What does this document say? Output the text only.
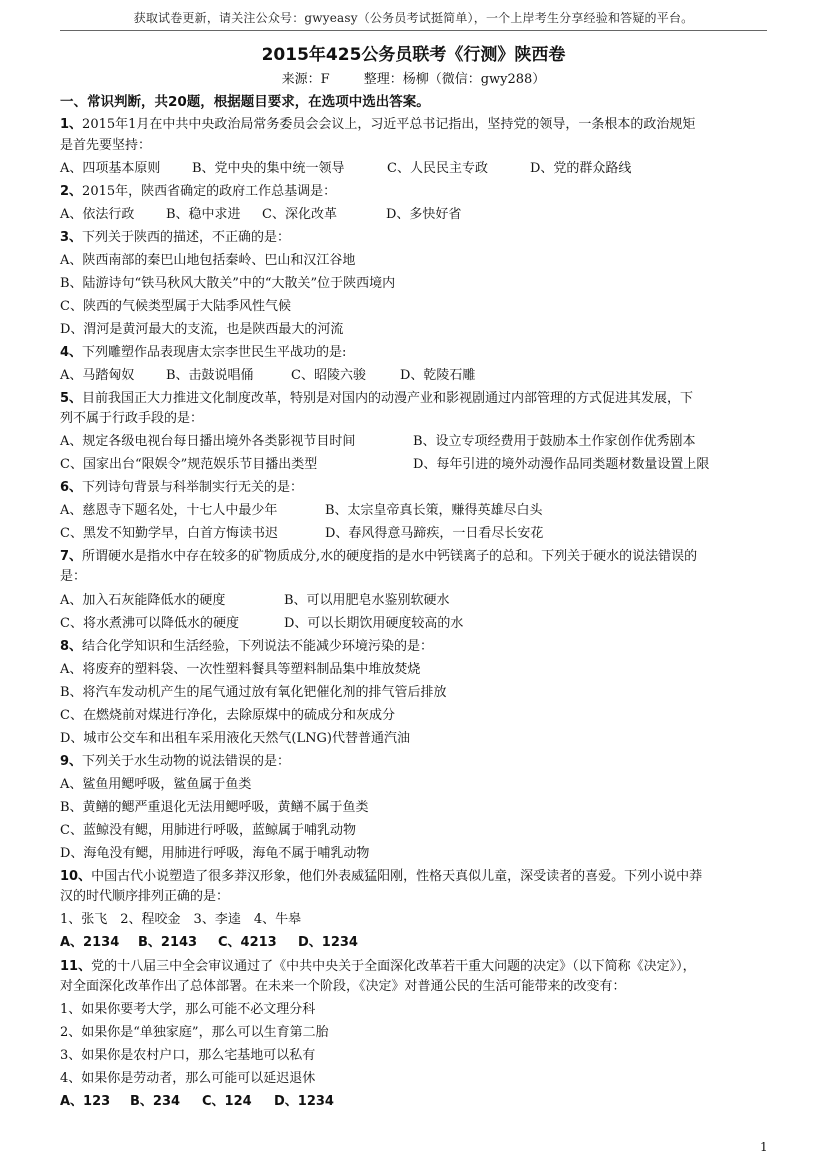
获取试卷更新，请关注公众号：gwyeasy（公务员考试挺简单），一个上岸考生分享经验和答疑的平台。
2015年425公务员联考《行测》陕西卷
来源：F	整理：杨柳（微信：gwy288）
一、常识判断，共20题，根据题目要求，在选项中选出答案。
1、2015年1月在中共中央政治局常务委员会会议上，习近平总书记指出，坚持党的领导，一条根本的政治规矩
是首先要坚持：
A、四项基本原则 B、党中央的集中统一领导	C、人民民主专政	D、党的群众路线
2、2015年，陕西省确定的政府工作总基调是：
A、依法行政 B、稳中求进 C、深化改革	D、多快好省
3、下列关于陕西的描述，不正确的是：
A、陕西南部的秦巴山地包括秦岭、巴山和汉江谷地
B、陆游诗句“铁马秋风大散关”中的“大散关”位于陕西境内
C、陕西的气候类型属于大陆季风性气候
D、渭河是黄河最大的支流，也是陕西最大的河流
4、下列雕塑作品表现唐太宗李世民生平战功的是:
A、马踏匈奴 B、击鼓说唱俑	C、昭陵六骏	D、乾陵石雕
5、目前我国正大力推进文化制度改革，特别是对国内的动漫产业和影视剧通过内部管理的方式促进其发展，下
列不属于行政手段的是：
A、规定各级电视台每日播出境外各类影视节目时间	B、设立专项经费用于鼓励本土作家创作优秀剧本
C、国家出台“限娱令”规范娱乐节目播出类型	D、每年引进的境外动漫作品同类题材数量设置上限
6、下列诗句背景与科举制实行无关的是：
A、慈恩寺下题名处，十七人中最少年	B、太宗皇帝真长策，赚得英雄尽白头
C、黑发不知勤学早，白首方悔读书迟	D、春风得意马蹄疾，一日看尽长安花
7、所谓硬水是指水中存在较多的矿物质成分,水的硬度指的是水中钙镁离子的总和。下列关于硬水的说法错误的
是：
A、加入石灰能降低水的硬度	B、可以用肥皂水鉴别软硬水
C、将水煮沸可以降低水的硬度	D、可以长期饮用硬度较高的水
8、结合化学知识和生活经验，下列说法不能减少环境污染的是：
A、将废弃的塑料袋、一次性塑料餐具等塑料制品集中堆放焚烧
B、将汽车发动机产生的尾气通过放有氧化钯催化剂的排气管后排放
C、在燃烧前对煤进行净化，去除原煤中的硫成分和灰成分
D、城市公交车和出租车采用液化天然气(LNG)代替普通汽油
9、下列关于水生动物的说法错误的是：
A、鲨鱼用鳃呼吸，鲨鱼属于鱼类
B、黄鳝的鳃严重退化无法用鳃呼吸，黄鳝不属于鱼类
C、蓝鲸没有鳃，用肺进行呼吸，蓝鲸属于哺乳动物
D、海龟没有鳃，用肺进行呼吸，海龟不属于哺乳动物
10、中国古代小说塑造了很多莽汉形象，他们外表威猛阳刚，性格天真似儿童，深受读者的喜爱。下列小说中莽
汉的时代顺序排列正确的是：
1、张飞　2、程咬金　3、李逵　4、牛皋
A、2134 B、2143 C、4213 D、1234
11、党的十八届三中全会审议通过了《中共中央关于全面深化改革若干重大问题的决定》（以下简称《决定》），
对全面深化改革作出了总体部署。在未来一个阶段，《决定》对普通公民的生活可能带来的改变有：
1、如果你要考大学，那么可能不必文理分科
2、如果你是“单独家庭”，那么可以生育第二胎
3、如果你是农村户口，那么宅基地可以私有
4、如果你是劳动者，那么可能可以延迟退休
A、123 B、234 C、124 D、1234
1
